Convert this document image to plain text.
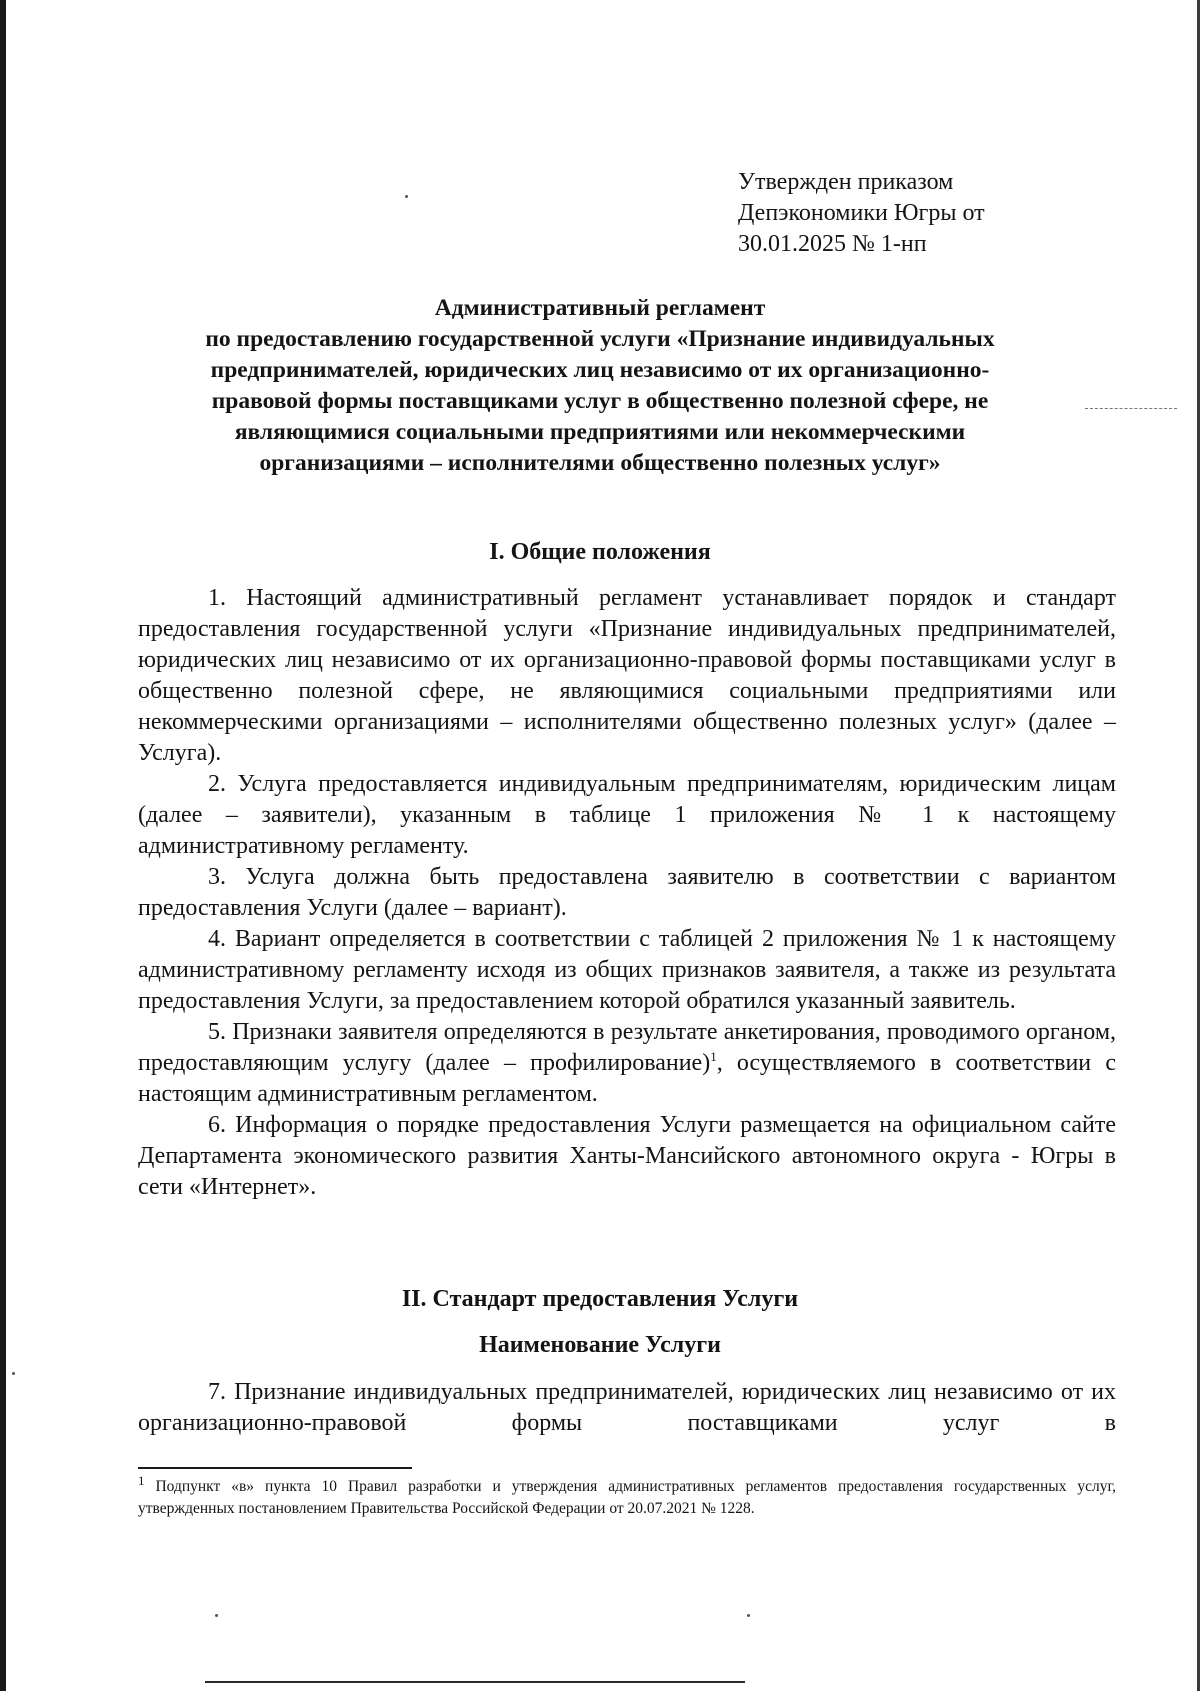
Утвержден приказом
Депэкономики Югры от
30.01.2025 № 1-нп
Административный регламент
по предоставлению государственной услуги «Признание индивидуальных
предпринимателей, юридических лиц независимо от их организационно-
правовой формы поставщиками услуг в общественно полезной сфере, не
являющимися социальными предприятиями или некоммерческими
организациями – исполнителями общественно полезных услуг»
I. Общие положения

1. Настоящий административный регламент устанавливает порядок и стандарт предоставления государственной услуги «Признание индивидуальных предпринимателей, юридических лиц независимо от их организационно-правовой формы поставщиками услуг в общественно полезной сфере, не являющимися социальными предприятиями или некоммерческими организациями – исполнителями общественно полезных услуг» (далее – Услуга).

2. Услуга предоставляется индивидуальным предпринимателям, юридическим лицам (далее – заявители), указанным в таблице 1 приложения № 1 к настоящему административному регламенту.

3. Услуга должна быть предоставлена заявителю в соответствии с вариантом предоставления Услуги (далее – вариант).

4. Вариант определяется в соответствии с таблицей 2 приложения № 1 к настоящему административному регламенту исходя из общих признаков заявителя, а также из результата предоставления Услуги, за предоставлением которой обратился указанный заявитель.

5. Признаки заявителя определяются в результате анкетирования, проводимого органом, предоставляющим услугу (далее – профилирование)$^1$, осуществляемого в соответствии с настоящим административным регламентом.

6. Информация о порядке предоставления Услуги размещается на официальном сайте Департамента экономического развития Ханты-Мансийского автономного округа - Югры в сети «Интернет».

II. Стандарт предоставления Услуги
Наименование Услуги

7. Признание индивидуальных предпринимателей, юридических лиц независимо от их организационно-правовой формы поставщиками услуг в

$^1$ Подпункт «в» пункта 10 Правил разработки и утверждения административных регламентов предоставления государственных услуг, утвержденных постановлением Правительства Российской Федерации от 20.07.2021 № 1228.
